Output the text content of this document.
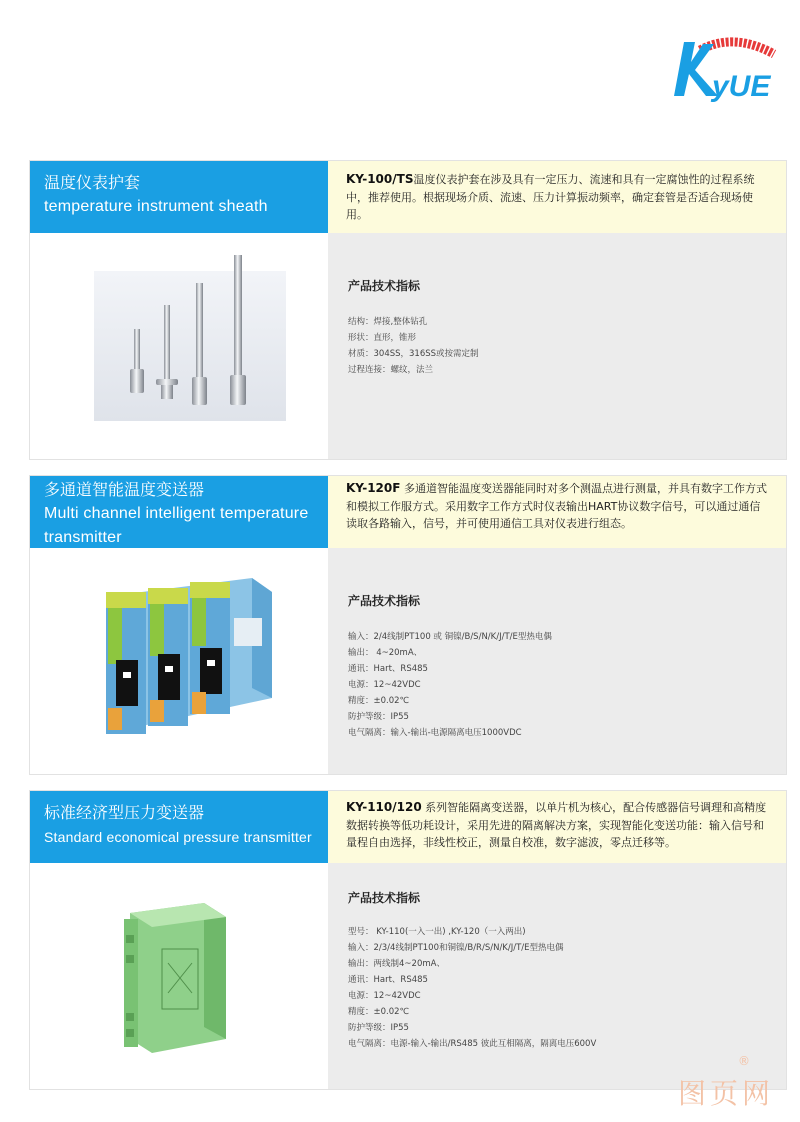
yUE
温度仪表护套
temperature instrument sheath
KY-100/TS温度仪表护套在涉及具有一定压力、流速和具有一定腐蚀性的过程系统中，推荐使用。根据现场介质、流速、压力计算振动频率，确定套管是否适合现场使用。
产品技术指标
结构：焊接,整体钻孔
形状：直形，锥形
材质：304SS，316SS或按需定制
过程连接：螺纹，法兰
多通道智能温度变送器
Multi channel intelligent temperature transmitter
KY-120F 多通道智能温度变送器能同时对多个测温点进行测量，并具有数字工作方式和模拟工作服方式。采用数字工作方式时仪表输出HART协议数字信号，可以通过通信读取各路输入，信号，并可使用通信工具对仪表进行组态。
产品技术指标
输入：2/4线制PT100 或 铜镍/B/S/N/K/J/T/E型热电偶
输出： 4~20mA、
通讯：Hart、RS485
电源：12~42VDC
精度：±0.02℃
防护等级：IP55
电气隔离：输入-输出-电源隔离电压1000VDC
标准经济型压力变送器
Standard economical pressure transmitter
KY-110/120 系列智能隔离变送器，以单片机为核心，配合传感器信号调理和高精度数据转换等低功耗设计，采用先进的隔离解决方案，实现智能化变送功能：输入信号和量程自由选择，非线性校正，测量自校准，数字滤波，零点迁移等。
产品技术指标
型号： KY-110(一入一出) ,KY-120（一入两出)
输入：2/3/4线制PT100和铜镍/B/R/S/N/K/J/T/E型热电偶
输出：两线制4~20mA、
通讯：Hart、RS485
电源：12~42VDC
精度：±0.02℃
防护等级：IP55
电气隔离：电源-输入-输出/RS485 彼此互相隔离，隔离电压600V
图页网
®
